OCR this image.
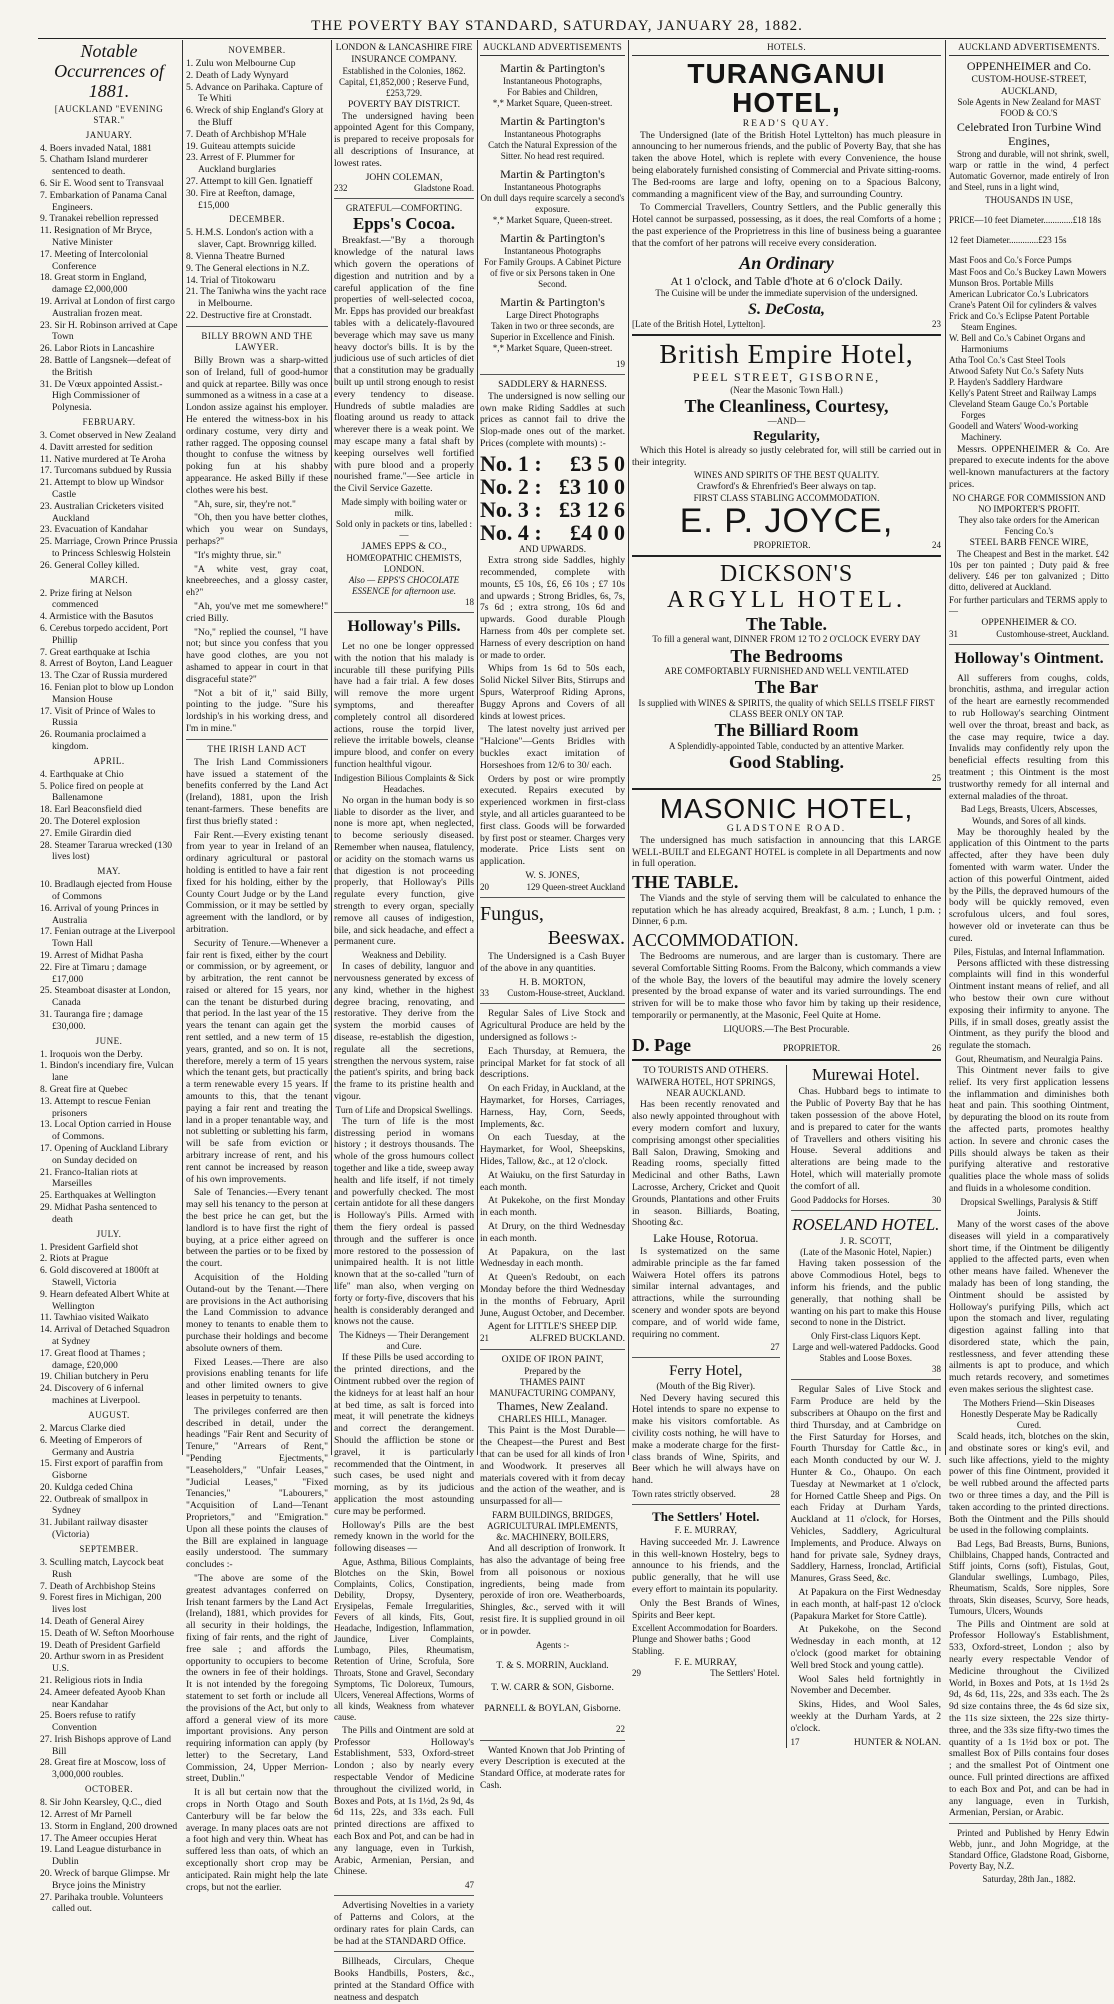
THE POVERTY BAY STANDARD, SATURDAY, JANUARY 28, 1882.
Notable Occurrences of 1881.
[AUCKLAND "EVENING STAR."
JANUARY.

4. Boers invaded Natal, 1881

5. Chatham Island murderer sentenced to death.

6. Sir E. Wood sent to Transvaal

7. Embarkation of Panama Canal Engineers.

9. Tranakei rebellion repressed

11. Resignation of Mr Bryce, Native Minister

17. Meeting of Intercolonial Conference

18. Great storm in England, damage £2,000,000

19. Arrival at London of first cargo Australian frozen meat.

23. Sir H. Robinson arrived at Cape Town

26. Labor Riots in Lancashire

28. Battle of Langsnek—defeat of the British

31. De Vœux appointed Assist.-High Commissioner of Polynesia.

FEBRUARY.

3. Comet observed in New Zealand

4. Davitt arrested for sedition

11. Native murdered at Te Aroha

17. Turcomans subdued by Russia

21. Attempt to blow up Windsor Castle

23. Australian Cricketers visited Auckland

23. Evacuation of Kandahar

25. Marriage, Crown Prince Prussia to Princess Schleswig Holstein

26. General Colley killed.

MARCH.

2. Prize firing at Nelson commenced

4. Armistice with the Basutos

6. Cerebus torpedo accident, Port Phillip

7. Great earthquake at Ischia

8. Arrest of Boyton, Land Leaguer

13. The Czar of Russia murdered

16. Fenian plot to blow up London Mansion House

17. Visit of Prince of Wales to Russia

26. Roumania proclaimed a kingdom.

APRIL.

4. Earthquake at Chio

5. Police fired on people at Ballenamone

18. Earl Beaconsfield died

20. The Doterel explosion

27. Emile Girardin died

28. Steamer Tararua wrecked (130 lives lost)

MAY.

10. Bradlaugh ejected from House of Commons

16. Arrival of young Princes in Australia

17. Fenian outrage at the Liverpool Town Hall

19. Arrest of Midhat Pasha

22. Fire at Timaru ; damage £17,000

25. Steamboat disaster at London, Canada

31. Tauranga fire ; damage £30,000.

JUNE.

1. Iroquois won the Derby.

1. Bindon's incendiary fire, Vulcan lane

8. Great fire at Quebec

13. Attempt to rescue Fenian prisoners

13. Local Option carried in House of Commons.

17. Opening of Auckland Library on Sunday decided on

21. Franco-Italian riots at Marseilles

25. Earthquakes at Wellington

29. Midhat Pasha sentenced to death

JULY.

1. President Garfield shot

2. Riots at Prague

6. Gold discovered at 1800ft at Stawell, Victoria

9. Hearn defeated Albert White at Wellington

11. Tawhiao visited Waikato

14. Arrival of Detached Squadron at Sydney

17. Great flood at Thames ; damage, £20,000

19. Chilian butchery in Peru

24. Discovery of 6 infernal machines at Liverpool.

AUGUST.

2. Marcus Clarke died

6. Meeting of Emperors of Germany and Austria

15. First export of paraffin from Gisborne

20. Kuldga ceded China

22. Outbreak of smallpox in Sydney

31. Jubilant railway disaster (Victoria)

SEPTEMBER.

3. Sculling match, Laycock beat Rush

7. Death of Archbishop Steins

9. Forest fires in Michigan, 200 lives lost

14. Death of General Airey

15. Death of W. Sefton Moorhouse

19. Death of President Garfield

20. Arthur sworn in as President U.S.

21. Religious riots in India

24. Ameer defeated Ayoob Khan near Kandahar

25. Boers refuse to ratify Convention

27. Irish Bishops approve of Land Bill

28. Great fire at Moscow, loss of 3,000,000 roubles.

OCTOBER.

8. Sir John Kearsley, Q.C., died

12. Arrest of Mr Parnell

13. Storm in England, 200 drowned

17. The Ameer occupies Herat

19. Land League disturbance in Dublin

20. Wreck of barque Glimpse. Mr Bryce joins the Ministry

27. Parihaka trouble. Volunteers called out.

NOVEMBER.

1. Zulu won Melbourne Cup

2. Death of Lady Wynyard

5. Advance on Parihaka. Capture of Te Whiti

6. Wreck of ship England's Glory at the Bluff

7. Death of Archbishop M'Hale

19. Guiteau attempts suicide

23. Arrest of F. Plummer for Auckland burglaries

27. Attempt to kill Gen. Ignatieff

30. Fire at Reefton, damage, £15,000

DECEMBER.

5. H.M.S. London's action with a slaver, Capt. Brownrigg killed.

8. Vienna Theatre Burned

9. The General elections in N.Z.

14. Trial of Titokowaru

21. The Taniwha wins the yacht race in Melbourne.

22. Destructive fire at Cronstadt.

BILLY BROWN AND THE LAWYER.

Billy Brown was a sharp-witted son of Ireland, full of good-humor and quick at repartee. Billy was once summoned as a witness in a case at a London assize against his employer. He entered the witness-box in his ordinary costume, very dirty and rather ragged. The opposing counsel thought to confuse the witness by poking fun at his shabby appearance. He asked Billy if these clothes were his best.

"Ah, sure, sir, they're not."

"Oh, then you have better clothes, which you wear on Sundays, perhaps?"

"It's mighty thrue, sir."

"A white vest, gray coat, kneebreeches, and a glossy caster, eh?"

"Ah, you've met me somewhere!" cried Billy.

"No," replied the counsel, "I have not; but since you confess that you have good clothes, are you not ashamed to appear in court in that disgraceful state?"

"Not a bit of it," said Billy, pointing to the judge. "Sure his lordship's in his working dress, and I'm in mine."

THE IRISH LAND ACT

The Irish Land Commissioners have issued a statement of the benefits conferred by the Land Act (Ireland), 1881, upon the Irish tenant-farmers. These benefits are first thus briefly stated :

Fair Rent.—Every existing tenant from year to year in Ireland of an ordinary agricultural or pastoral holding is entitled to have a fair rent fixed for his holding, either by the County Court Judge or by the Land Commission, or it may be settled by agreement with the landlord, or by arbitration.

Security of Tenure.—Whenever a fair rent is fixed, either by the court or commission, or by agreement, or by arbitration, the rent cannot be raised or altered for 15 years, nor can the tenant be disturbed during that period. In the last year of the 15 years the tenant can again get the rent settled, and a new term of 15 years, granted, and so on. It is not, therefore, merely a term of 15 years which the tenant gets, but practically a term renewable every 15 years. If amounts to this, that the tenant paying a fair rent and treating the land in a proper tenantable way, and not subletting or subletting his farm, will be safe from eviction or arbitrary increase of rent, and his rent cannot be increased by reason of his own improvements.

Sale of Tenancies.—Every tenant may sell his tenancy to the person at the best price he can get, but the landlord is to have first the right of buying, at a price either agreed on between the parties or to be fixed by the court.

Acquisition of the Holding Outand-out by the Tenant.—There are provisions in the Act authorising the Land Commission to advance money to tenants to enable them to purchase their holdings and become absolute owners of them.

Fixed Leases.—There are also provisions enabling tenants for life and other limited owners to give leases in perpetuity to tenants.

The privileges conferred are then described in detail, under the headings "Fair Rent and Security of Tenure," "Arrears of Rent," "Pending Ejectments," "Leaseholders," "Unfair Leases," "Judicial Leases," "Fixed Tenancies," "Labourers," "Acquisition of Land—Tenant Proprietors," and "Emigration." Upon all these points the clauses of the Bill are explained in language easily understood. The summary concludes :-

"The above are some of the greatest advantages conferred on Irish tenant farmers by the Land Act (Ireland), 1881, which provides for all security in their holdings, the fixing of fair rents, and the right of free sale ; and affords the opportunity to occupiers to become the owners in fee of their holdings. It is not intended by the foregoing statement to set forth or include all the provisions of the Act, but only to afford a general view of its more important provisions. Any person requiring information can apply (by letter) to the Secretary, Land Commission, 24, Upper Merrion-street, Dublin."

It is all but certain now that the crops in North Otago and South Canterbury will be far below the average. In many places oats are not a foot high and very thin. Wheat has suffered less than oats, of which an exceptionally short crop may be anticipated. Rain might help the late crops, but not the earlier.

LONDON & LANCASHIRE FIRE
INSURANCE COMPANY.
Established in the Colonies, 1862.
Capital, £1,852,000 ; Reserve Fund, £253,729.
POVERTY BAY DISTRICT.

The undersigned having been appointed Agent for this Company, is prepared to receive proposals for all descriptions of Insurance, at lowest rates.

JOHN COLEMAN,
232	Gladstone Road.
GRATEFUL—COMFORTING.
Epps's Cocoa.

Breakfast.—"By a thorough knowledge of the natural laws which govern the operations of digestion and nutrition and by a careful application of the fine properties of well-selected cocoa, Mr. Epps has provided our breakfast tables with a delicately-flavoured beverage which may save us many heavy doctor's bills. It is by the judicious use of such articles of diet that a constitution may be gradually built up until strong enough to resist every tendency to disease. Hundreds of subtle maladies are floating around us ready to attack wherever there is a weak point. We may escape many a fatal shaft by keeping ourselves well fortified with pure blood and a properly nourished frame."—See article in the Civil Service Gazette.

Made simply with boiling water or milk.
Sold only in packets or tins, labelled :—
JAMES EPPS & CO.,
HOMŒOPATHIC CHEMISTS,
LONDON.
Also — EPPS'S CHOCOLATE ESSENCE for afternoon use.
18
Holloway's Pills.

Let no one be longer oppressed with the notion that his malady is incurable till these purifying Pills have had a fair trial. A few doses will remove the more urgent symptoms, and thereafter completely control all disordered actions, rouse the torpid liver, relieve the irritable bowels, cleanse impure blood, and confer on every function healthful vigour.

Indigestion Bilious Complaints & Sick Headaches.

No organ in the human body is so liable to disorder as the liver, and none is more apt, when neglected, to become seriously diseased. Remember when nausea, flatulency, or acidity on the stomach warns us that digestion is not proceeding properly, that Holloway's Pills regulate every function, give strength to every organ, specially remove all causes of indigestion, bile, and sick headache, and effect a permanent cure.

Weakness and Debility.

In cases of debility, languor and nervousness generated by excess of any kind, whether in the highest degree bracing, renovating, and restorative. They derive from the system the morbid causes of disease, re-establish the digestion, regulate all the secretions, strengthen the nervous system, raise the patient's spirits, and bring back the frame to its pristine health and vigour.

Turn of Life and Dropsical Swellings.

The turn of life is the most distressing period in womans history ; it destroys thousands. The whole of the gross humours collect together and like a tide, sweep away health and life itself, if not timely and powerfully checked. The most certain antidote for all these dangers is Holloway's Pills. Armed with them the fiery ordeal is passed through and the sufferer is once more restored to the possession of unimpaired health. It is not little known that at the so-called "turn of life" man also, when verging on forty or forty-five, discovers that his health is considerably deranged and knows not the cause.

The Kidneys — Their Derangement and Cure.

If these Pills be used according to the printed directions, and the Ointment rubbed over the region of the kidneys for at least half an hour at bed time, as salt is forced into meat, it will penetrate the kidneys and correct the derangement. Should the affliction be stone or gravel, it is particularly recommended that the Ointment, in such cases, be used night and morning, as by its judicious application the most astounding cure may be performed.

Holloway's Pills are the best remedy known in the world for the following diseases —

Ague, Asthma, Bilious Complaints, Blotches on the Skin, Bowel Complaints, Colics, Constipation, Debility, Dropsy, Dysentery, Erysipelas, Female Irregularities, Fevers of all kinds, Fits, Gout, Headache, Indigestion, Inflammation, Jaundice, Liver Complaints, Lumbago, Piles, Rheumatism, Retention of Urine, Scrofula, Sore Throats, Stone and Gravel, Secondary Symptoms, Tic Doloreux, Tumours, Ulcers, Venereal Affections, Worms of all kinds, Weakness from whatever cause.

The Pills and Ointment are sold at Professor Holloway's Establishment, 533, Oxford-street London ; also by nearly every respectable Vendor of Medicine throughout the civilized world, in Boxes and Pots, at 1s 1½d, 2s 9d, 4s 6d 11s, 22s, and 33s each. Full printed directions are affixed to each Box and Pot, and can be had in any language, even in Turkish, Arabic, Armenian, Persian, and Chinese.

47

Advertising Novelties in a variety of Patterns and Colors, at the ordinary rates for plain Cards, can be had at the STANDARD Office.

Billheads, Circulars, Cheque Books Handbills, Posters, &c., printed at the Standard Office with neatness and despatch

AUCKLAND ADVERTISEMENTS
Martin & Partington's
Instantaneous Photographs,
For Babies and Children,
*,* Market Square, Queen-street.
Martin & Partington's
Instantaneous Photographs
Catch the Natural Expression of the Sitter. No head rest required.
Martin & Partington's
Instantaneous Photographs
On dull days require scarcely a second's exposure.
*,* Market Square, Queen-street.
Martin & Partington's
Instantaneous Photographs
For Family Groups. A Cabinet Picture of five or six Persons taken in One Second.
Martin & Partington's
Large Direct Photographs
Taken in two or three seconds, are Superior in Excellence and Finish.
*,* Market Square, Queen-street.
19
SADDLERY & HARNESS.

The undersigned is now selling our own make Riding Saddles at such prices as cannot fail to drive the Slop-made ones out of the market. Prices (complete with mounts) :-

No. 1 : £3 5 0
No. 2 : £3 10 0
No. 3 : £3 12 6
No. 4 : £4 0 0
AND UPWARDS.

Extra strong side Saddles, highly recommended, complete with mounts, £5 10s, £6, £6 10s ; £7 10s and upwards ; Strong Bridles, 6s, 7s, 7s 6d ; extra strong, 10s 6d and upwards. Good durable Plough Harness from 40s per complete set. Harness of every description on hand or made to order.

Whips from 1s 6d to 50s each, Solid Nickel Silver Bits, Stirrups and Spurs, Waterproof Riding Aprons, Buggy Aprons and Covers of all kinds at lowest prices.

The latest novelty just arrived per "Halcione"—Gents Bridles with buckles exact imitation of Horseshoes from 12/6 to 30/ each.

Orders by post or wire promptly executed. Repairs executed by experienced workmen in first-class style, and all articles guaranteed to be first class. Goods will be forwarded by first post or steamer. Charges very moderate. Price Lists sent on application.

W. S. JONES,
20	129 Queen-street Auckland
Fungus,
Beeswax.

The Undersigned is a Cash Buyer of the above in any quantities.

H. B. MORTON,
33 Custom-House-street, Auckland.

Regular Sales of Live Stock and Agricultural Produce are held by the undersigned as follows :-

Each Thursday, at Remuera, the principal Market for fat stock of all descriptions.

On each Friday, in Auckland, at the Haymarket, for Horses, Carriages, Harness, Hay, Corn, Seeds, Implements, &c.

On each Tuesday, at the Haymarket, for Wool, Sheepskins, Hides, Tallow, &c., at 12 o'clock.

At Waiuku, on the first Saturday in each month.

At Pukekohe, on the first Monday in each month.

At Drury, on the third Wednesday in each month.

At Papakura, on the last Wednesday in each month.

At Queen's Redoubt, on each Monday before the third Wednesday in the months of February, April June, August October, and December.

Agent for LITTLE'S SHEEP DIP.
21	ALFRED BUCKLAND.
OXIDE OF IRON PAINT,
Prepared by the
THAMES PAINT MANUFACTURING COMPANY,
Thames, New Zealand.
CHARLES HILL, Manager.

This Paint is the Most Durable—the Cheapest—the Purest and Best that can be used for all kinds of Iron and Woodwork. It preserves all materials covered with it from decay and the action of the weather, and is unsurpassed for all—

FARM BUILDINGS, BRIDGES, AGRICULTURAL IMPLEMENTS, &c. MACHINERY, BOILERS,

And all description of Ironwork. It has also the advantage of being free from all poisonous or noxious ingredients, being made from peroxide of iron ore. Weatherboards, Shingles, &c., served with it will resist fire. It is supplied ground in oil or in powder.

Agents :-

T. & S. MORRIN, Auckland.

T. W. CARR & SON, Gisborne.

PARNELL & BOYLAN, Gisborne.

22

Wanted Known that Job Printing of every Description is executed at the Standard Office, at moderate rates for Cash.

HOTELS.
TURANGANUI HOTEL,
READ'S QUAY.

The Undersigned (late of the British Hotel Lyttelton) has much pleasure in announcing to her numerous friends, and the public of Poverty Bay, that she has taken the above Hotel, which is replete with every Convenience, the house being elaborately furnished consisting of Commercial and Private sitting-rooms. The Bed-rooms are large and lofty, opening on to a Spacious Balcony, commanding a magnificent view of the Bay, and surrounding Country.

To Commercial Travellers, Country Settlers, and the Public generally this Hotel cannot be surpassed, possessing, as it does, the real Comforts of a home ; the past experience of the Proprietress in this line of business being a guarantee that the comfort of her patrons will receive every consideration.

An Ordinary
At 1 o'clock, and Table d'hote at 6 o'clock Daily.
The Cuisine will be under the immediate supervision of the undersigned.
S. DeCosta,
[Late of the British Hotel, Lyttelton].	23
British Empire Hotel,
PEEL STREET, GISBORNE,
(Near the Masonic Town Hall.)
The Cleanliness, Courtesy,
—AND—
Regularity,

Which this Hotel is already so justly celebrated for, will still be carried out in their integrity.

WINES AND SPIRITS OF THE BEST QUALITY.
Crawford's & Ehrenfried's Beer always on tap.
FIRST CLASS STABLING ACCOMMODATION.
E. P. JOYCE,
PROPRIETOR.	24
DICKSON'S
ARGYLL HOTEL.
The Table.
To fill a general want, DINNER FROM 12 TO 2 O'CLOCK EVERY DAY
The Bedrooms
ARE COMFORTABLY FURNISHED AND WELL VENTILATED
The Bar
Is supplied with WINES & SPIRITS, the quality of which SELLS ITSELF FIRST CLASS BEER ONLY ON TAP.
The Billiard Room
A Splendidly-appointed Table, conducted by an attentive Marker.
Good Stabling.
25
MASONIC HOTEL,
GLADSTONE ROAD.

The undersigned has much satisfaction in announcing that this LARGE WELL-BUILT and ELEGANT HOTEL is complete in all Departments and now in full operation.

THE TABLE.

The Viands and the style of serving them will be calculated to enhance the reputation which he has already acquired, Breakfast, 8 a.m. ; Lunch, 1 p.m. ; Dinner, 6 p.m.

ACCOMMODATION.

The Bedrooms are numerous, and are larger than is customary. There are several Comfortable Sitting Rooms. From the Balcony, which commands a view of the whole Bay, the lovers of the beautiful may admire the lovely scenery presented by the broad expanse of water and its varied surroundings. The end striven for will be to make those who favor him by taking up their residence, temporarily or permanently, at the Masonic, Feel Quite at Home.

LIQUORS.—The Best Procurable.
D. Page	PROPRIETOR.	26
TO TOURISTS AND OTHERS.
WAIWERA HOTEL, HOT SPRINGS, NEAR AUCKLAND.

Has been recently renovated and also newly appointed throughout with every modern comfort and luxury, comprising amongst other specialities Ball Salon, Drawing, Smoking and Reading rooms, specially fitted Medicinal and other Baths, Lawn Lacrosse, Archery, Cricket and Quoit Grounds, Plantations and other Fruits in season. Billiards, Boating, Shooting &c.

Lake House, Rotorua.

Is systematized on the same admirable principle as the far famed Waiwera Hotel offers its patrons similar internal advantages, and attractions, while the surrounding scenery and wonder spots are beyond compare, and of world wide fame, requiring no comment.

27
Ferry Hotel,
(Mouth of the Big River).

Ned Devery having secured this Hotel intends to spare no expense to make his visitors comfortable. As civility costs nothing, he will have to make a moderate charge for the first-class brands of Wine, Spirits, and Beer which he will always have on hand.

Town rates strictly observed.	28
The Settlers' Hotel.
F. E. MURRAY,

Having succeeded Mr. J. Lawrence in this well-known Hostelry, begs to announce to his friends, and the public generally, that he will use every effort to maintain its popularity.

Only the Best Brands of Wines, Spirits and Beer kept.

Excellent Accommodation for Boarders.
Plunge and Shower baths ; Good Stabling.
F. E. MURRAY,
29	The Settlers' Hotel.
Murewai Hotel.

Chas. Hubbard begs to intimate to the Public of Poverty Bay that he has taken possession of the above Hotel, and is prepared to cater for the wants of Travellers and others visiting his House. Several additions and alterations are being made to the Hotel, which will materially promote the comfort of all.

Good Paddocks for Horses.	30
ROSELAND HOTEL.
J. R. SCOTT,
(Late of the Masonic Hotel, Napier.)

Having taken possession of the above Commodious Hotel, begs to inform his friends, and the public generally, that nothing shall be wanting on his part to make this House second to none in the District.

Only First-class Liquors Kept.
Large and well-watered Paddocks. Good Stables and Loose Boxes.
38

Regular Sales of Live Stock and Farm Produce are held by the subscribers at Ohaupo on the first and third Thursday, and at Cambridge on the First Saturday for Horses, and Fourth Thursday for Cattle &c., in each Month conducted by our W. J. Hunter & Co., Ohaupo. On each Tuesday at Newmarket at 1 o'clock, for Horned Cattle Sheep and Pigs. On each Friday at Durham Yards, Auckland at 11 o'clock, for Horses, Vehicles, Saddlery, Agricultural Implements, and Produce. Always on hand for private sale, Sydney drays, Saddlery, Harness, Ironclad, Artificial Manures, Grass Seed, &c.

At Papakura on the First Wednesday in each month, at half-past 12 o'clock (Papakura Market for Store Cattle).

At Pukekohe, on the Second Wednesday in each month, at 12 o'clock (good market for obtaining Well bred Stock and young cattle).

Wool Sales held fortnightly in November and December.

Skins, Hides, and Wool Sales, weekly at the Durham Yards, at 2 o'clock.

17	HUNTER & NOLAN.
AUCKLAND ADVERTISEMENTS.
OPPENHEIMER and Co.
CUSTOM-HOUSE-STREET,
AUCKLAND,
Sole Agents in New Zealand for MAST FOOD & CO.'S
Celebrated Iron Turbine Wind Engines,

Strong and durable, will not shrink, swell, warp or rattle in the wind, 4 perfect Automatic Governor, made entirely of Iron and Steel, runs in a light wind,

THOUSANDS IN USE,

PRICE—10 feet Diameter.............£18 18s

12 feet Diameter.............£23 15s

Mast Foos and Co.'s Force Pumps

Mast Foos and Co.'s Buckey Lawn Mowers

Munson Bros. Portable Mills

American Lubricator Co.'s Lubricators

Crane's Patent Oil for cylinders & valves

Frick and Co.'s Eclipse Patent Portable Steam Engines.

W. Bell and Co.'s Cabinet Organs and Harmoniums

Atha Tool Co.'s Cast Steel Tools

Atwood Safety Nut Co.'s Safety Nuts

P. Hayden's Saddlery Hardware

Kelly's Patent Street and Railway Lamps

Cleveland Steam Gauge Co.'s Portable Forges

Goodell and Waters' Wood-working Machinery.

Messrs. OPPENHEIMER & Co. Are prepared to execute indents for the above well-known manufacturers at the factory prices.

NO CHARGE FOR COMMISSION AND NO IMPORTER'S PROFIT.
They also take orders for the American Fencing Co.'s
STEEL BARB FENCE WIRE,

The Cheapest and Best in the market. £42 10s per ton painted ; Duty paid & free delivery. £46 per ton galvanized ; Ditto ditto, delivered at Auckland.

For further particulars and TERMS apply to—
OPPENHEIMER & CO.
31	Customhouse-street, Auckland.
Holloway's Ointment.

All sufferers from coughs, colds, bronchitis, asthma, and irregular action of the heart are earnestly recommended to rub Holloway's searching Ointment well over the throat, breast and back, as the case may require, twice a day. Invalids may confidently rely upon the beneficial effects resulting from this treatment ; this Ointment is the most trustworthy remedy for all internal and external maladies of the throat.

Bad Legs, Breasts, Ulcers, Abscesses, Wounds, and Sores of all kinds.

May be thoroughly healed by the application of this Ointment to the parts affected, after they have been duly fomented with warm water. Under the action of this powerful Ointment, aided by the Pills, the depraved humours of the body will be quickly removed, even scrofulous ulcers, and foul sores, however old or inveterate can thus be cured.

Piles, Fistulas, and Internal Inflammation.

Persons afflicted with these distressing complaints will find in this wonderful Ointment instant means of relief, and all who bestow their own cure without exposing their infirmity to anyone. The Pills, if in small doses, greatly assist the Ointment, as they purify the blood and regulate the stomach.

Gout, Rheumatism, and Neuralgia Pains.

This Ointment never fails to give relief. Its very first application lessens the inflammation and diminishes both heat and pain. This soothing Ointment, by depurating the blood on its route from the affected parts, promotes healthy action. In severe and chronic cases the Pills should always be taken as their purifying alterative and restorative qualities place the whole mass of solids and fluids in a wholesome condition.

Dropsical Swellings, Paralysis & Stiff Joints.

Many of the worst cases of the above diseases will yield in a comparatively short time, if the Ointment be diligently applied to the affected parts, even when other means have failed. Whenever the malady has been of long standing, the Ointment should be assisted by Holloway's purifying Pills, which act upon the stomach and liver, regulating digestion against falling into that disordered state, which the pain, restlessness, and fever attending these ailments is apt to produce, and which much retards recovery, and sometimes even makes serious the slightest case.

The Mothers Friend—Skin Diseases Honestly Desperate May be Radically Cured.

Scald heads, itch, blotches on the skin, and obstinate sores or king's evil, and such like affections, yield to the mighty power of this fine Ointment, provided it be well rubbed around the affected parts two or three times a day, and the Pill is taken according to the printed directions. Both the Ointment and the Pills should be used in the following complaints.

Bad Legs, Bad Breasts, Burns, Bunions, Chilblains, Chapped hands, Contracted and Stiff joints, Corns (soft), Fistulas, Gout, Glandular swellings, Lumbago, Piles, Rheumatism, Scalds, Sore nipples, Sore throats, Skin diseases, Scurvy, Sore heads, Tumours, Ulcers, Wounds

The Pills and Ointment are sold at Professor Holloway's Establishment, 533, Oxford-street, London ; also by nearly every respectable Vendor of Medicine throughout the Civilized World, in Boxes and Pots, at 1s 1½d 2s 9d, 4s 6d, 11s, 22s, and 33s each. The 2s 9d size contains three, the 4s 6d size six, the 11s size sixteen, the 22s size thirty-three, and the 33s size fifty-two times the quantity of a 1s 1½d box or pot. The smallest Box of Pills contains four doses ; and the smallest Pot of Ointment one ounce. Full printed directions are affixed to each Box and Pot, and can be had in any language, even in Turkish, Armenian, Persian, or Arabic.

Printed and Published by Henry Edwin Webb, junr., and John Mogridge, at the Standard Office, Gladstone Road, Gisborne, Poverty Bay, N.Z.

Saturday, 28th Jan., 1882.
